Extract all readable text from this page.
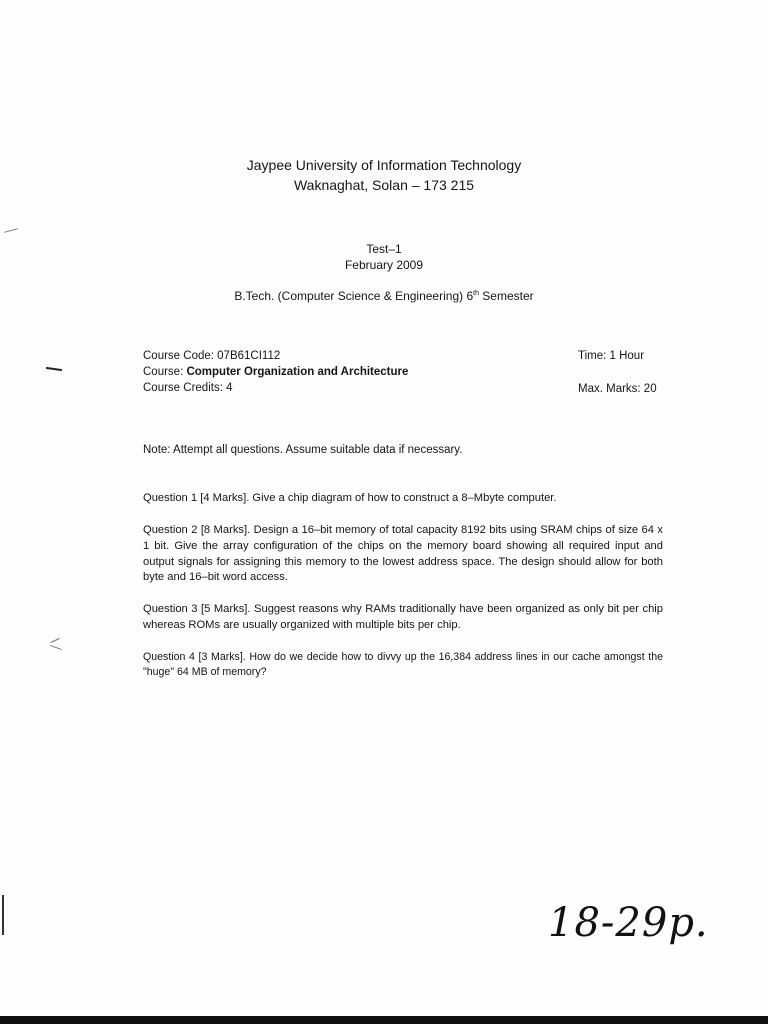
Jaypee University of Information Technology
Waknaghat, Solan – 173 215
Test–1
February 2009
B.Tech. (Computer Science & Engineering) 6th Semester
Course Code: 07B61CI112
Course: Computer Organization and Architecture
Course Credits: 4
Time: 1 Hour
Max. Marks: 20
Note: Attempt all questions. Assume suitable data if necessary.
Question 1 [4 Marks]. Give a chip diagram of how to construct a 8–Mbyte computer.
Question 2 [8 Marks]. Design a 16–bit memory of total capacity 8192 bits using SRAM chips of size 64 x 1 bit. Give the array configuration of the chips on the memory board showing all required input and output signals for assigning this memory to the lowest address space. The design should allow for both byte and 16–bit word access.
Question 3 [5 Marks]. Suggest reasons why RAMs traditionally have been organized as only bit per chip whereas ROMs are usually organized with multiple bits per chip.
Question 4 [3 Marks]. How do we decide how to divvy up the 16,384 address lines in our cache amongst the "huge" 64 MB of memory?
18-29p.
